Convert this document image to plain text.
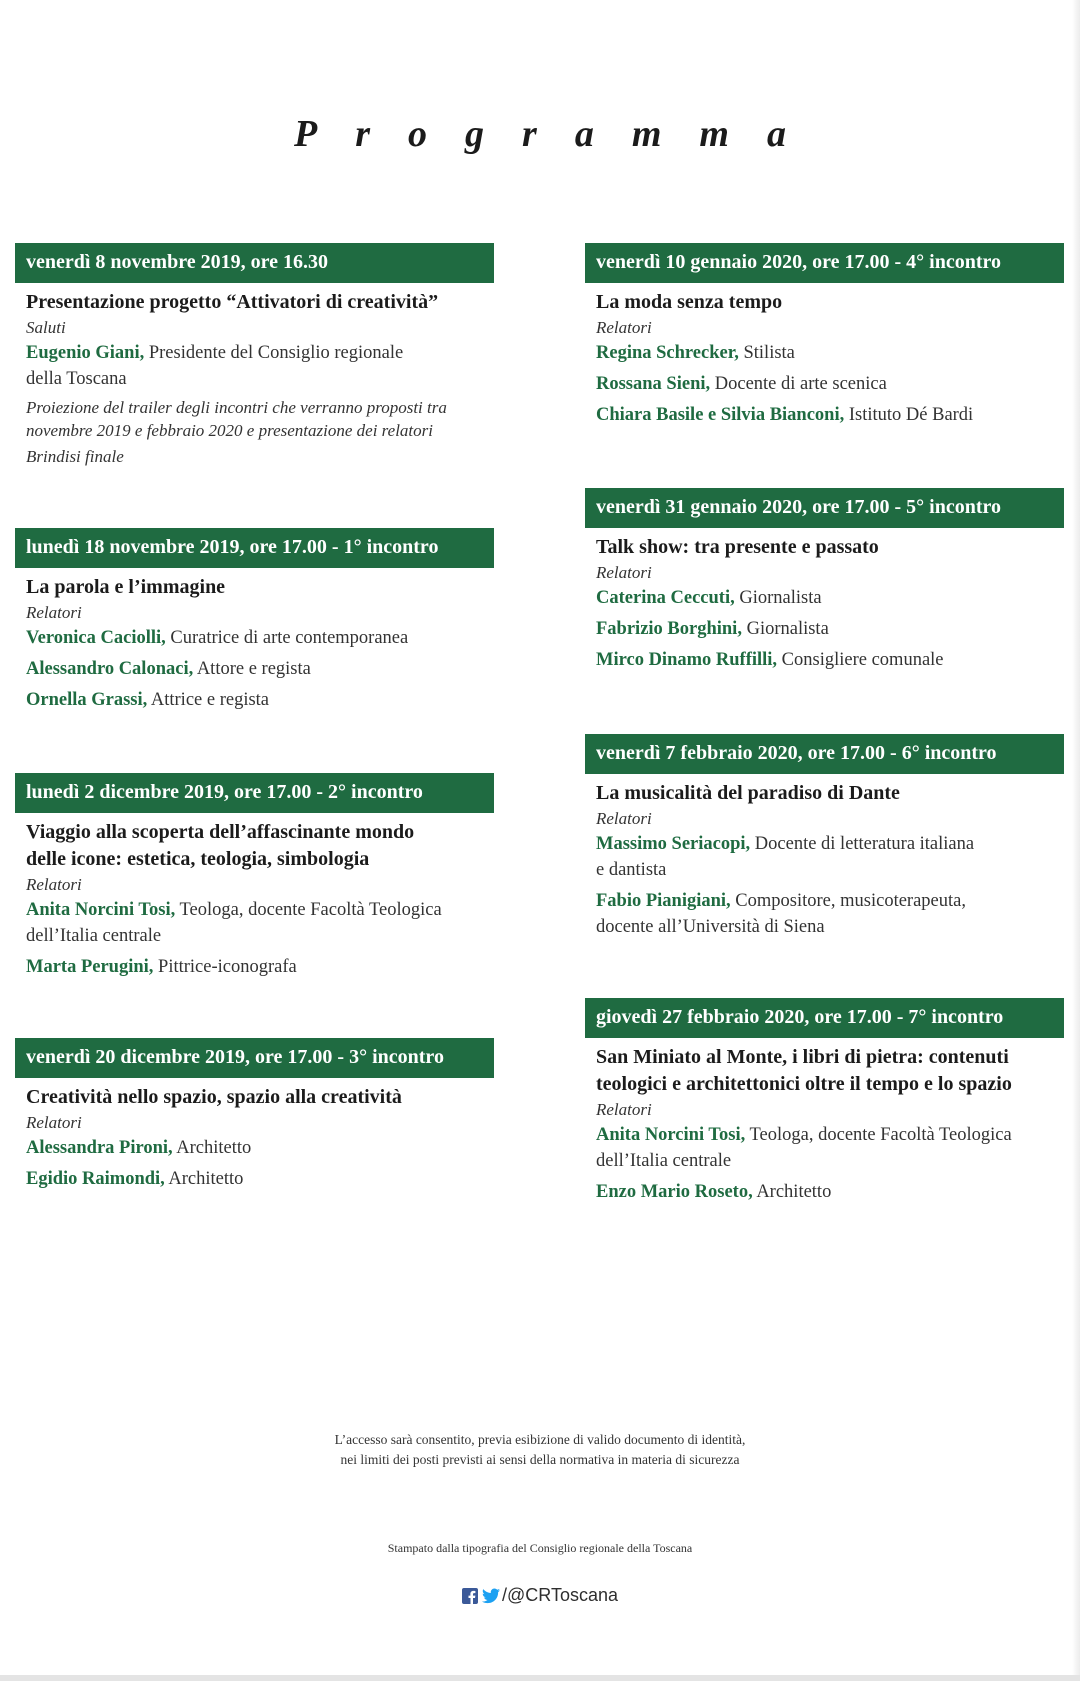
Programma
venerdì 8 novembre 2019, ore 16.30
Presentazione progetto “Attivatori di creatività”
Saluti
Eugenio Giani, Presidente del Consiglio regionale
della Toscana
Proiezione del trailer degli incontri che verranno proposti tra
novembre 2019 e febbraio 2020 e presentazione dei relatori
Brindisi finale
lunedì 18 novembre 2019, ore 17.00 - 1° incontro
La parola e l’immagine
Relatori
Veronica Caciolli, Curatrice di arte contemporanea
Alessandro Calonaci, Attore e regista
Ornella Grassi, Attrice e regista
lunedì 2 dicembre 2019, ore 17.00 - 2° incontro
Viaggio alla scoperta dell’affascinante mondo
delle icone: estetica, teologia, simbologia
Relatori
Anita Norcini Tosi, Teologa, docente Facoltà Teologica
dell’Italia centrale
Marta Perugini, Pittrice-iconografa
venerdì 20 dicembre 2019, ore 17.00 - 3° incontro
Creatività nello spazio, spazio alla creatività
Relatori
Alessandra Pironi, Architetto
Egidio Raimondi, Architetto
venerdì 10 gennaio 2020, ore 17.00 - 4° incontro
La moda senza tempo
Relatori
Regina Schrecker, Stilista
Rossana Sieni, Docente di arte scenica
Chiara Basile e Silvia Bianconi, Istituto Dé Bardi
venerdì 31 gennaio 2020, ore 17.00 - 5° incontro
Talk show: tra presente e passato
Relatori
Caterina Ceccuti, Giornalista
Fabrizio Borghini, Giornalista
Mirco Dinamo Ruffilli, Consigliere comunale
venerdì 7 febbraio 2020, ore 17.00 - 6° incontro
La musicalità del paradiso di Dante
Relatori
Massimo Seriacopi, Docente di letteratura italiana
e dantista
Fabio Pianigiani, Compositore, musicoterapeuta,
docente all’Università di Siena
giovedì 27 febbraio 2020, ore 17.00 - 7° incontro
San Miniato al Monte, i libri di pietra: contenuti
teologici e architettonici oltre il tempo e lo spazio
Relatori
Anita Norcini Tosi, Teologa, docente Facoltà Teologica
dell’Italia centrale
Enzo Mario Roseto, Architetto
L’accesso sarà consentito, previa esibizione di valido documento di identità,
nei limiti dei posti previsti ai sensi della normativa in materia di sicurezza
Stampato dalla tipografia del Consiglio regionale della Toscana
/@CRToscana
